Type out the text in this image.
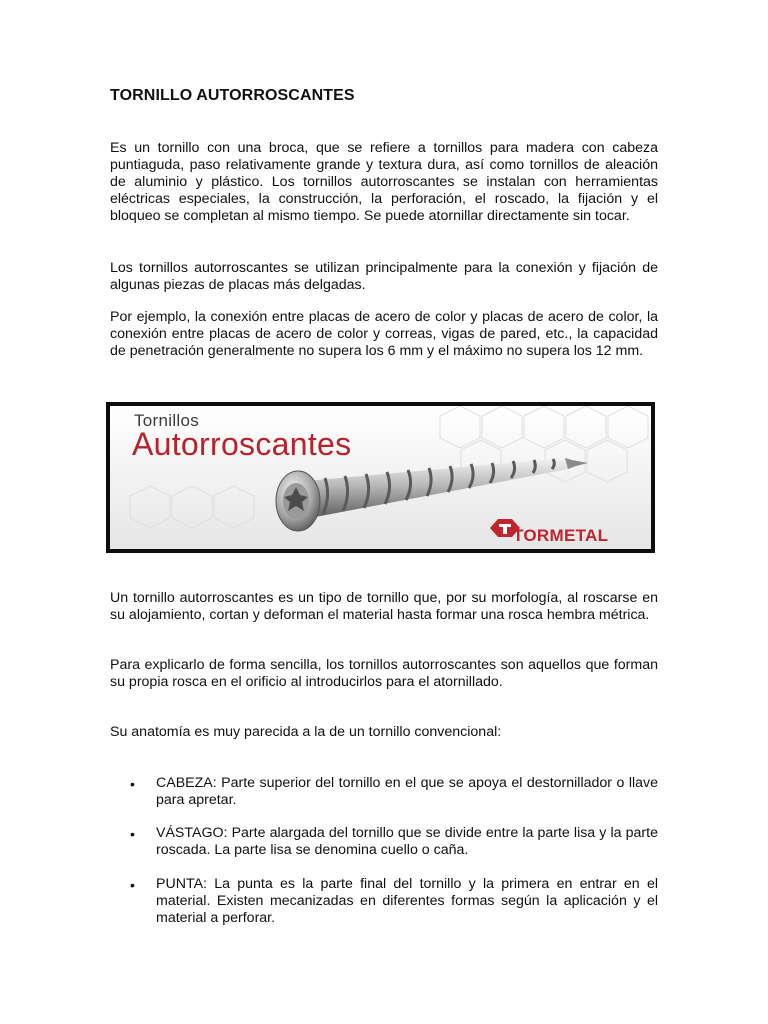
TORNILLO AUTORROSCANTES

Es un tornillo con una broca, que se refiere a tornillos para madera con cabeza puntiaguda, paso relativamente grande y textura dura, así como tornillos de aleación de aluminio y plástico. Los tornillos autorroscantes se instalan con herramientas eléctricas especiales, la construcción, la perforación, el roscado, la fijación y el bloqueo se completan al mismo tiempo. Se puede atornillar directamente sin tocar.

Los tornillos autorroscantes se utilizan principalmente para la conexión y fijación de algunas piezas de placas más delgadas.

Por ejemplo, la conexión entre placas de acero de color y placas de acero de color, la conexión entre placas de acero de color y correas, vigas de pared, etc., la capacidad de penetración generalmente no supera los 6 mm y el máximo no supera los 12 mm.

Un tornillo autorroscantes es un tipo de tornillo que, por su morfología, al roscarse en su alojamiento, cortan y deforman el material hasta formar una rosca hembra métrica.

Para explicarlo de forma sencilla, los tornillos autorroscantes son aquellos que forman su propia rosca en el orificio al introducirlos para el atornillado.

Su anatomía es muy parecida a la de un tornillo convencional:

Tornillos
Autorroscantes
TORMETAL
• CABEZA: Parte superior del tornillo en el que se apoya el destornillador o llave para apretar.
• VÁSTAGO: Parte alargada del tornillo que se divide entre la parte lisa y la parte roscada. La parte lisa se denomina cuello o caña.
• PUNTA: La punta es la parte final del tornillo y la primera en entrar en el material. Existen mecanizadas en diferentes formas según la aplicación y el material a perforar.
